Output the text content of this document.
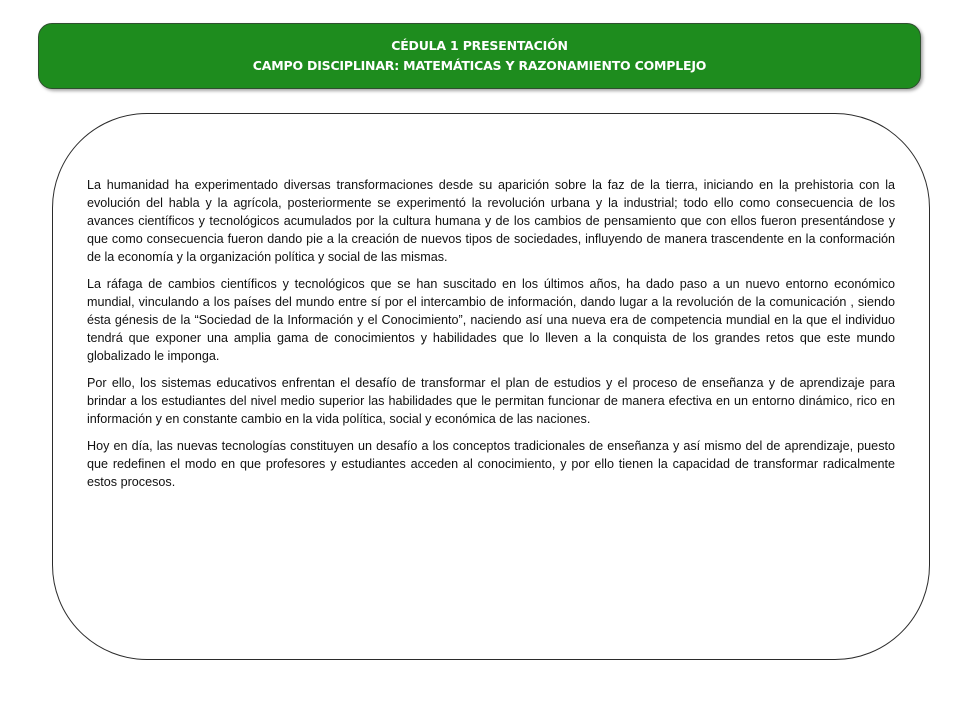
CÉDULA 1 PRESENTACIÓN
CAMPO DISCIPLINAR: MATEMÁTICAS Y RAZONAMIENTO COMPLEJO

La humanidad ha experimentado diversas transformaciones desde su aparición sobre la faz de la tierra, iniciando en la prehistoria con la evolución del habla y la agrícola, posteriormente se experimentó la revolución urbana y la industrial; todo ello como consecuencia de los avances científicos y tecnológicos acumulados por la cultura humana y de los cambios de pensamiento que con ellos fueron presentándose y que como consecuencia fueron dando pie a la creación de nuevos tipos de sociedades, influyendo de manera trascendente en la conformación de la economía y la organización política y social de las mismas.

La ráfaga de cambios científicos y tecnológicos que se han suscitado en los últimos años, ha dado paso a un nuevo entorno económico mundial, vinculando a los países del mundo entre sí por el intercambio de información, dando lugar a la revolución de la comunicación , siendo ésta génesis de la “Sociedad de la Información y el Conocimiento”, naciendo así una nueva era de competencia mundial en la que el individuo tendrá que exponer una amplia gama de conocimientos y habilidades que lo lleven a la conquista de los grandes retos que este mundo globalizado le imponga.

Por ello, los sistemas educativos enfrentan el desafío de transformar el plan de estudios y el proceso de enseñanza y de aprendizaje para brindar a los estudiantes del nivel medio superior las habilidades que le permitan funcionar de manera efectiva en un entorno dinámico, rico en información y en constante cambio en la vida política, social y económica de las naciones.

Hoy en día, las nuevas tecnologías constituyen un desafío a los conceptos tradicionales de enseñanza y así mismo del de aprendizaje, puesto que redefinen el modo en que profesores y estudiantes acceden al conocimiento, y por ello tienen la capacidad de transformar radicalmente estos procesos.
